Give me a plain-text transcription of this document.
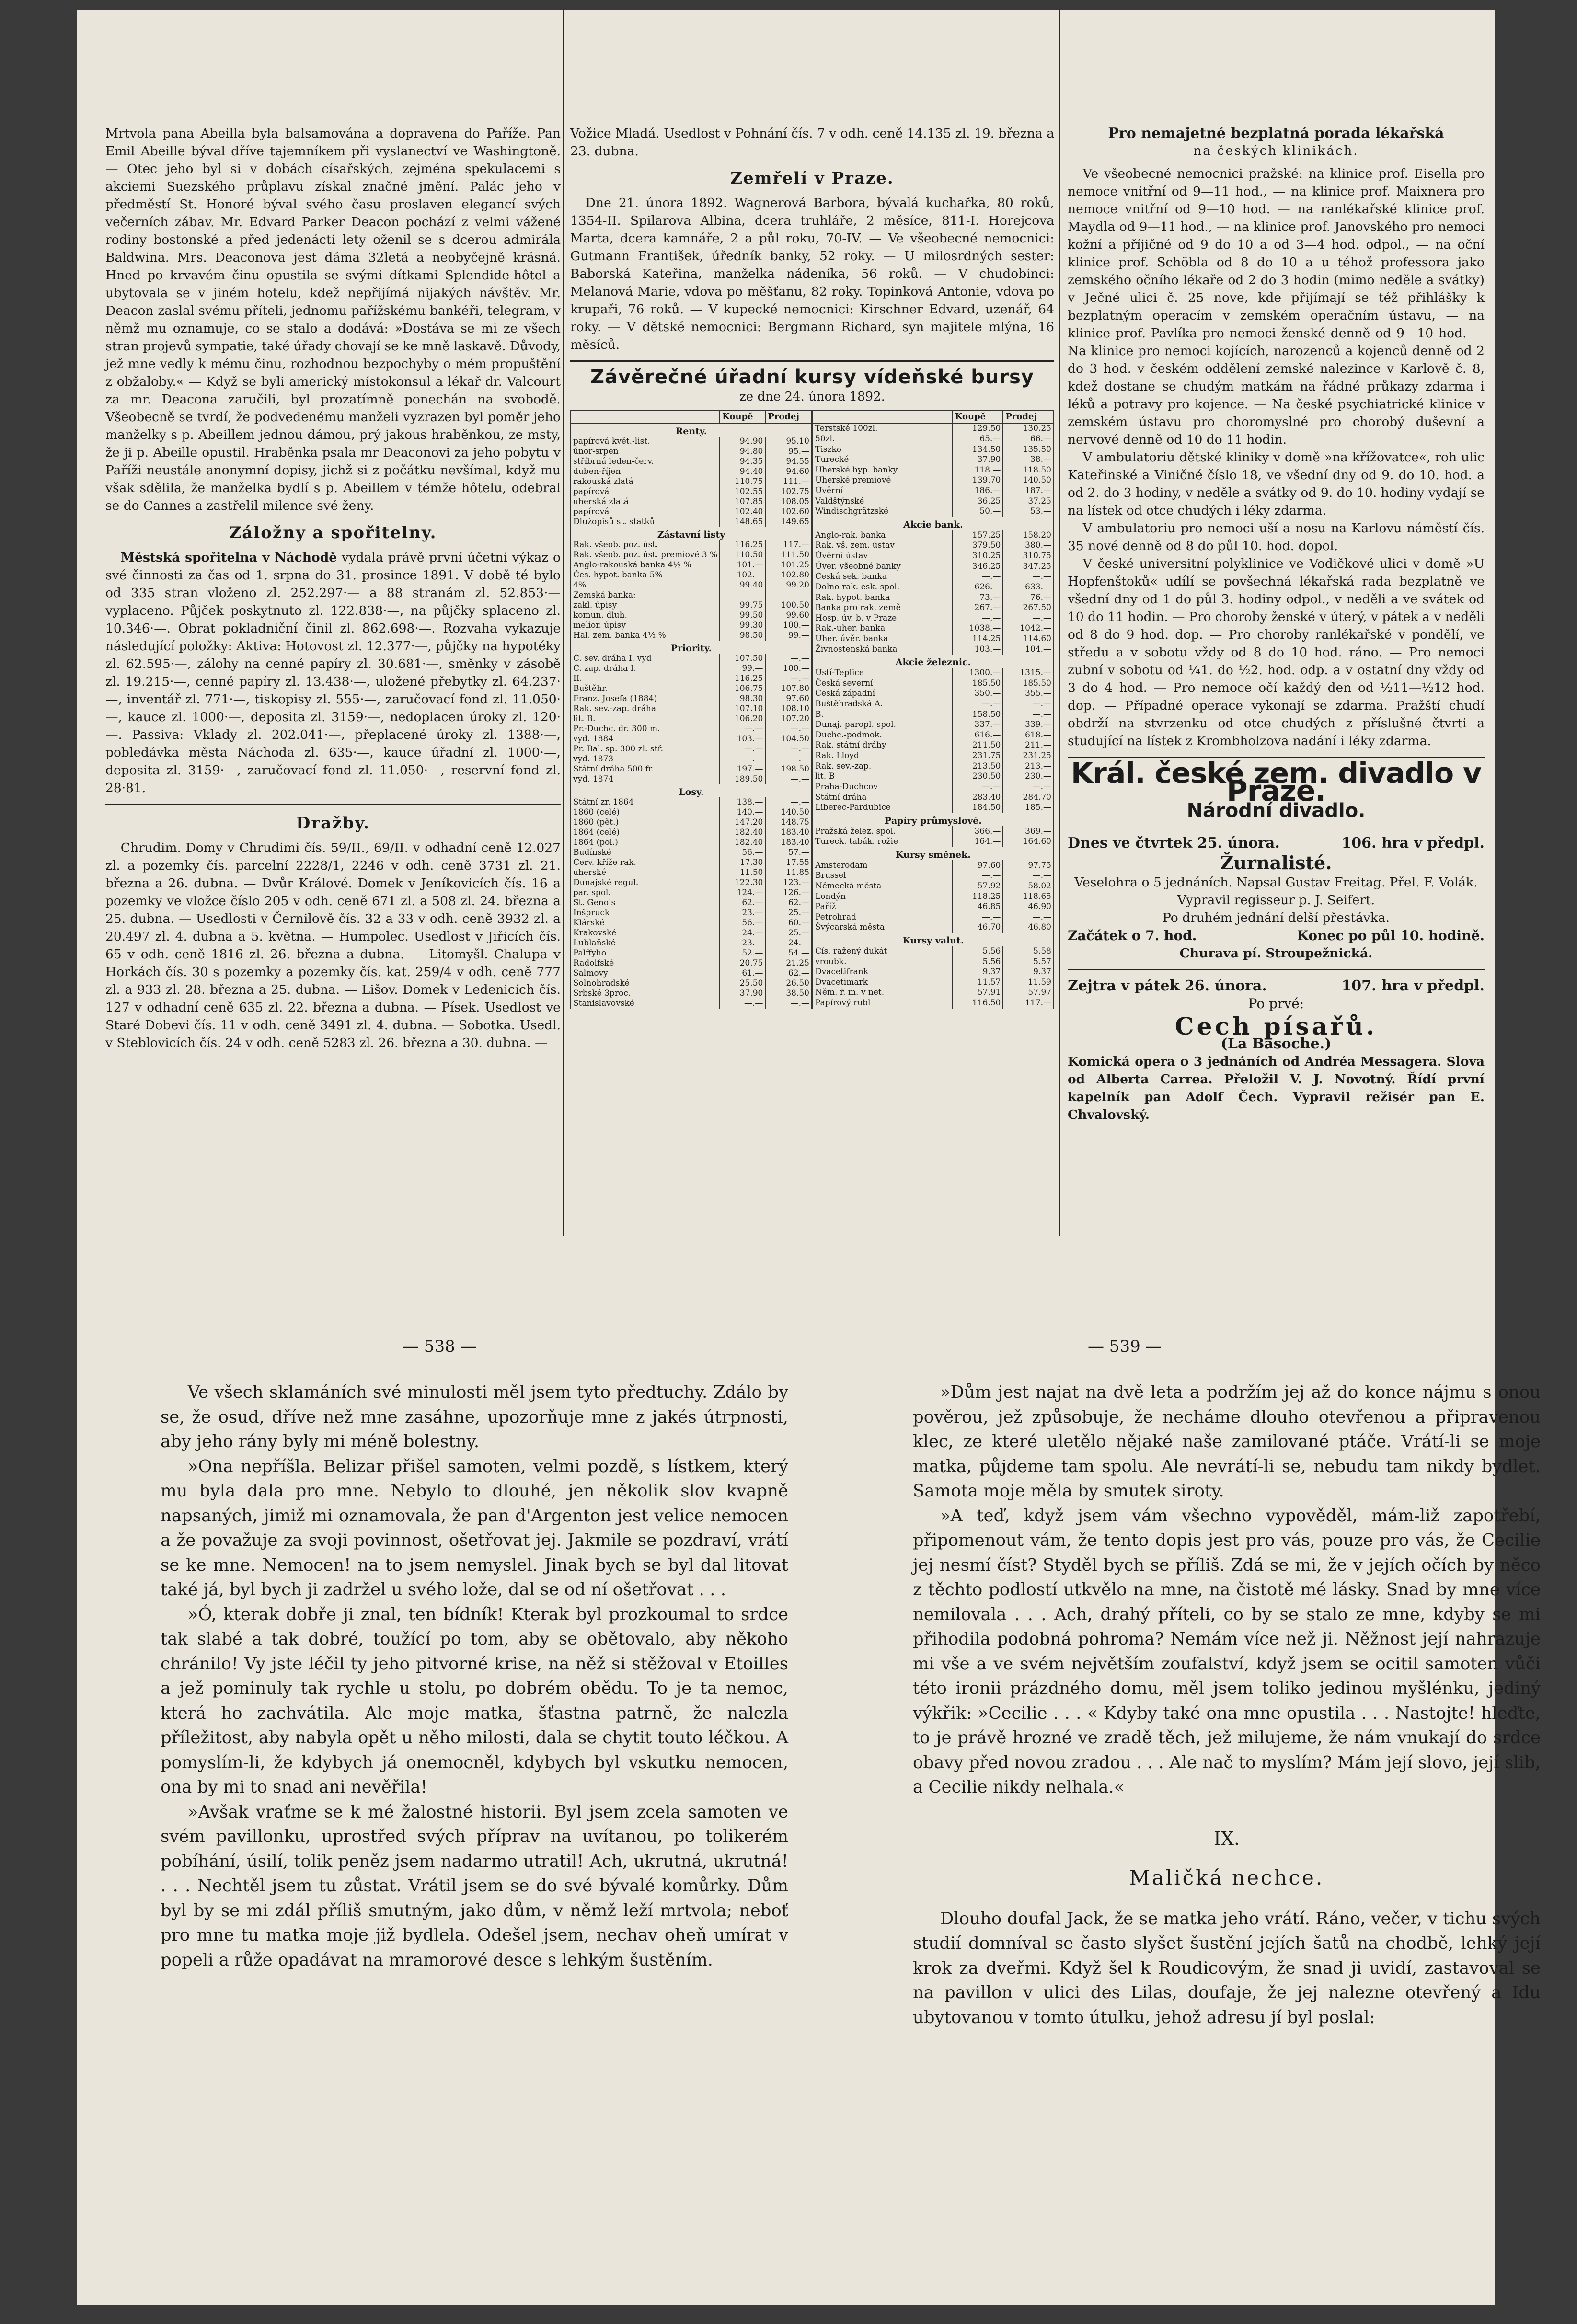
Mrtvola pana Abeilla byla balsamována a dopravena do Paříže. Pan Emil Abeille býval dříve tajemníkem při vyslanectví ve Washingtoně. — Otec jeho byl si v dobách císařských, zejména spekulacemi s akciemi Suezského průplavu získal značné jmění. Palác jeho v předměstí St. Honoré býval svého času proslaven elegancí svých večerních zábav. Mr. Edvard Parker Deacon pochází z velmi vážené rodiny bostonské a před jedenácti lety oženil se s dcerou admirála Baldwina. Mrs. Deaconova jest dáma 32letá a neobyčejně krásná. Hned po krvavém činu opustila se svými dítkami Splendide-hôtel a ubytovala se v jiném hotelu, kdež nepřijímá nijakých návštěv. Mr. Deacon zaslal svému příteli, jednomu pařížskému bankéři, telegram, v němž mu oznamuje, co se stalo a dodává: »Dostáva se mi ze všech stran projevů sympatie, také úřady chovají se ke mně laskavě. Důvody, jež mne vedly k mému činu, rozhodnou bezpochyby o mém propuštění z obžaloby.« — Když se byli americký místokonsul a lékař dr. Valcourt za mr. Deacona zaručili, byl prozatímně ponechán na svobodě. Všeobecně se tvrdí, že podvedenému manželi vyzrazen byl poměr jeho manželky s p. Abeillem jednou dámou, prý jakous hraběnkou, ze msty, že ji p. Abeille opustil. Hraběnka psala mr Deaconovi za jeho pobytu v Paříži neustále anonymní dopisy, jichž si z počátku nevšímal, když mu však sdělila, že manželka bydlí s p. Abeillem v témže hôtelu, odebral se do Cannes a zastřelil milence své ženy.

Záložny a spořitelny.

Městská spořitelna v Náchodě vydala právě první účetní výkaz o své činnosti za čas od 1. srpna do 31. prosince 1891. V době té bylo od 335 stran vloženo zl. 252.297·— a 88 stranám zl. 52.853·— vyplaceno. Půjček poskytnuto zl. 122.838·—, na půjčky splaceno zl. 10.346·—. Obrat pokladniční činil zl. 862.698·—. Rozvaha vykazuje následující položky: Aktiva: Hotovost zl. 12.377·—, půjčky na hypotéky zl. 62.595·—, zálohy na cenné papíry zl. 30.681·—, směnky v zásobě zl. 19.215·—, cenné papíry zl. 13.438·—, uložené přebytky zl. 64.237·—, inventář zl. 771·—, tiskopisy zl. 555·—, zaručovací fond zl. 11.050·—, kauce zl. 1000·—, deposita zl. 3159·—, nedoplacen úroky zl. 120·—. Passiva: Vklady zl. 202.041·—, přeplacené úroky zl. 1388·—, pobledávka města Náchoda zl. 635·—, kauce úřadní zl. 1000·—, deposita zl. 3159·—, zaručovací fond zl. 11.050·—, reservní fond zl. 28·81.

Dražby.

Chrudim. Domy v Chrudimi čís. 59/II., 69/II. v odhadní ceně 12.027 zl. a pozemky čís. parcelní 2228/1, 2246 v odh. ceně 3731 zl. 21. března a 26. dubna. — Dvůr Králové. Domek v Jeníkovicích čís. 16 a pozemky ve vložce číslo 205 v odh. ceně 671 zl. a 508 zl. 24. března a 25. dubna. — Usedlosti v Černilově čís. 32 a 33 v odh. ceně 3932 zl. a 20.497 zl. 4. dubna a 5. května. — Humpolec. Usedlost v Jiřicích čís. 65 v odh. ceně 1816 zl. 26. března a dubna. — Litomyšl. Chalupa v Horkách čís. 30 s pozemky a pozemky čís. kat. 259/4 v odh. ceně 777 zl. a 933 zl. 28. března a 25. dubna. — Lišov. Domek v Ledenicích čís. 127 v odhadní ceně 635 zl. 22. března a dubna. — Písek. Usedlost ve Staré Dobevi čís. 11 v odh. ceně 3491 zl. 4. dubna. — Sobotka. Usedl. v Steblovicích čís. 24 v odh. ceně 5283 zl. 26. března a 30. dubna. —

Vožice Mladá. Usedlost v Pohnání čís. 7 v odh. ceně 14.135 zl. 19. března a 23. dubna.

Zemřelí v Praze.

Dne 21. února 1892. Wagnerová Barbora, bývalá kuchařka, 80 roků, 1354-II. Spilarova Albina, dcera truhláře, 2 měsíce, 811-I. Horejcova Marta, dcera kamnáře, 2 a půl roku, 70-IV. — Ve všeobecné nemocnici: Gutmann František, úředník banky, 52 roky. — U milosrdných sester: Baborská Kateřina, manželka nádeníka, 56 roků. — V chudobinci: Melanová Marie, vdova po měšťanu, 82 roky. Topinková Antonie, vdova po krupaři, 76 roků. — V kupecké nemocnici: Kirschner Edvard, uzenář, 64 roky. — V dětské nemocnici: Bergmann Richard, syn majitele mlýna, 16 měsíců.

Závěrečné úřadní kursy vídeňské bursy
ze dne 24. února 1892.
	Koupě	Prodej
Renty.		
papírová květ.-list.	94.90	95.10
únor-srpen	94.80	95.—
stříbrná leden-červ.	94.35	94.55
duben-říjen	94.40	94.60
rakouská zlatá	110.75	111.—
papírová	102.55	102.75
uherská zlatá	107.85	108.05
papírová	102.40	102.60
Dlužopisů st. statků	148.65	149.65
Zástavní listy		
Rak. všeob. poz. úst.	116.25	117.—
Rak. všeob. poz. úst. premiové 3 %	110.50	111.50
Anglo-rakouská banka 4½ %	101.—	101.25
Čes. hypot. banka 5%	102.—	102.80
4%	99.40	99.20
Zemská banka:		
zakl. úpisy	99.75	100.50
komun. dluh.	99.50	99.60
melior. úpisy	99.30	100.—
Hal. zem. banka 4½ %	98.50	99.—
Priority.		
Č. sev. dráha I. vyd	107.50	—.—
Č. zap. dráha I.	99.—	100.—
II.	116.25	—.—
Buštěhr.	106.75	107.80
Franz. Josefa (1884)	98.30	97.60
Rak. sev.-zap. dráha	107.10	108.10
lit. B.	106.20	107.20
Pr.-Duchc. dr. 300 m.	—.—	—.—
vyd. 1884	103.—	104.50
Pr. Bal. sp. 300 zl. stř.	—.—	—.—
vyd. 1873	—.—	—.—
Státní dráha 500 fr.	197.—	198.50
vyd. 1874	189.50	—.—
Losy.		
Státní zr. 1864	138.—	—.—
1860 (celé)	140.—	140.50
1860 (pět.)	147.20	148.75
1864 (celé)	182.40	183.40
1864 (pol.)	182.40	183.40
Budínské	56.—	57.—
Červ. kříže rak.	17.30	17.55
uherské	11.50	11.85
Dunajské regul.	122.30	123.—
par. spol.	124.—	126.—
St. Genois	62.—	62.—
Inšpruck	23.—	25.—
Klárské	56.—	60.—
Krakovské	24.—	25.—
Lublaňské	23.—	24.—
Palffyho	52.—	54.—
Radolfské	20.75	21.25
Salmovy	61.—	62.—
Solnohradské	25.50	26.50
Srbské 3proc.	37.90	38.50
Stanislavovské	—.—	—.—
	Koupě	Prodej
Terstské 100zl.	129.50	130.25
50zl.	65.—	66.—
Tiszko	134.50	135.50
Turecké	37.90	38.—
Uherské hyp. banky	118.—	118.50
Uherské premiové	139.70	140.50
Úvěrní	186.—	187.—
Valdštýnské	36.25	37.25
Windischgrätzské	50.—	53.—
Akcie bank.		
Anglo-rak. banka	157.25	158.20
Rak. vš. zem. ústav	379.50	380.—
Úvěrní ústav	310.25	310.75
Úver. všeobné banky	346.25	347.25
Česká sek. banka	—.—	—.—
Dolno-rak. esk. spol.	626.—	633.—
Rak. hypot. banka	73.—	76.—
Banka pro rak. země	267.—	267.50
Hosp. úv. b. v Praze	—.—	—.—
Rak.-uher. banka	1038.—	1042.—
Uher. úvěr. banka	114.25	114.60
Živnostenská banka	103.—	104.—
Akcie železnic.		
Ústí-Teplice	1300.—	1315.—
Česká severní	185.50	185.50
Česká západní	350.—	355.—
Buštěhradská A.	—.—	—.—
B.	158.50	—.—
Dunaj. paropl. spol.	337.—	339.—
Duchc.-podmok.	616.—	618.—
Rak. státní dráhy	211.50	211.—
Rak. Lloyd	231.75	231.25
Rak. sev.-zap.	213.50	213.—
lit. B	230.50	230.—
Praha-Duchcov	—.—	—.—
Státní dráha	283.40	284.70
Liberec-Pardubice	184.50	185.—
Papíry průmyslové.		
Pražská želez. spol.	366.—	369.—
Tureck. tabák. rožie	164.—	164.60
Kursy směnek.		
Amsterodam	97.60	97.75
Brussel	—.—	—.—
Německá města	57.92	58.02
Londýn	118.25	118.65
Paříž	46.85	46.90
Petrohrad	—.—	—.—
Švýcarská města	46.70	46.80
Kursy valut.		
Cís. ražený dukát	5.56	5.58
vroubk.	5.56	5.57
Dvacetifrank	9.37	9.37
Dvacetimark	11.57	11.59
Něm. ř. m. v net.	57.91	57.97
Papírový rubl	116.50	117.—
Pro nemajetné bezplatná porada lékařská
na českých klinikách.

Ve všeobecné nemocnici pražské: na klinice prof. Eisella pro nemoce vnitřní od 9—11 hod., — na klinice prof. Maixnera pro nemoce vnitřní od 9—10 hod. — na ranlékařské klinice prof. Maydla od 9—11 hod., — na klinice prof. Janovského pro nemoci kožní a příjičné od 9 do 10 a od 3—4 hod. odpol., — na oční klinice prof. Schöbla od 8 do 10 a u téhož professora jako zemského očního lékaře od 2 do 3 hodin (mimo neděle a svátky) v Ječné ulici č. 25 nove, kde přijímají se též přihlášky k bezplatným operacím v zemském operačním ústavu, — na klinice prof. Pavlíka pro nemoci ženské denně od 9—10 hod. — Na klinice pro nemoci kojících, narozenců a kojenců denně od 2 do 3 hod. v českém oddělení zemské nalezince v Karlově č. 8, kdež dostane se chudým matkám na řádné průkazy zdarma i léků a potravy pro kojence. — Na české psychiatrické klinice v zemském ústavu pro choromyslné pro chorobý duševní a nervové denně od 10 do 11 hodin.

V ambulatoriu dětské kliniky v domě »na křížovatce«, roh ulic Kateřinské a Viničné číslo 18, ve všední dny od 9. do 10. hod. a od 2. do 3 hodiny, v neděle a svátky od 9. do 10. hodiny vydají se na lístek od otce chudých i léky zdarma.

V ambulatoriu pro nemoci uší a nosu na Karlovu náměstí čís. 35 nové denně od 8 do půl 10. hod. dopol.

V české universitní polyklinice ve Vodičkové ulici v domě »U Hopfenštoků« udílí se povšechná lékařská rada bezplatně ve všední dny od 1 do půl 3. hodiny odpol., v neděli a ve svátek od 10 do 11 hodin. — Pro choroby ženské v úterý, v pátek a v neděli od 8 do 9 hod. dop. — Pro choroby ranlékařské v pondělí, ve středu a v sobotu vždy od 8 do 10 hod. ráno. — Pro nemoci zubní v sobotu od ¼1. do ½2. hod. odp. a v ostatní dny vždy od 3 do 4 hod. — Pro nemoce očí každý den od ½11—½12 hod. dop. — Případné operace vykonají se zdarma. Pražští chudí obdrží na stvrzenku od otce chudých z příslušné čtvrti a studující na lístek z Krombholzova nadání i léky zdarma.

Král. české zem. divadlo v Praze.
Národní divadlo.
Dnes ve čtvrtek 25. února.	106. hra v předpl.
Žurnalisté.

Veselohra o 5 jednáních. Napsal Gustav Freitag. Přel. F. Volák. Vypravil regisseur p. J. Seifert.

Po druhém jednání delší přestávka.

Začátek o 7. hod.	Konec po půl 10. hodině.

Churava pí. Stroupežnická.

Zejtra v pátek 26. února.	107. hra v předpl.
Po prvé:
Cech písařů.
(La Basoche.)

Komická opera o 3 jednáních od Andréa Messagera. Slova od Alberta Carrea. Přeložil V. J. Novotný. Řídí první kapelník pan Adolf Čech. Vypravil režisér pan E. Chvalovský.

— 538 —	— 539 —

Ve všech sklamáních své minulosti měl jsem tyto předtuchy. Zdálo by se, že osud, dříve než mne zasáhne, upozorňuje mne z jakés útrpnosti, aby jeho rány byly mi méně bolestny.

»Ona nepříšla. Belizar přišel samoten, velmi pozdě, s lístkem, který mu byla dala pro mne. Nebylo to dlouhé, jen několik slov kvapně napsaných, jimiž mi oznamovala, že pan d'Argenton jest velice nemocen a že považuje za svoji povinnost, ošetřovat jej. Jakmile se pozdraví, vrátí se ke mne. Nemocen! na to jsem nemyslel. Jinak bych se byl dal litovat také já, byl bych ji zadržel u svého lože, dal se od ní ošetřovat . . .

»Ó, kterak dobře ji znal, ten bídník! Kterak byl prozkoumal to srdce tak slabé a tak dobré, toužící po tom, aby se obětovalo, aby někoho chránilo! Vy jste léčil ty jeho pitvorné krise, na něž si stěžoval v Etoilles a jež pominuly tak rychle u stolu, po dobrém obědu. To je ta nemoc, která ho zachvátila. Ale moje matka, šťastna patrně, že nalezla příležitost, aby nabyla opět u něho milosti, dala se chytit touto léčkou. A pomyslím-li, že kdybych já onemocněl, kdybych byl vskutku nemocen, ona by mi to snad ani nevěřila!

»Avšak vraťme se k mé žalostné historii. Byl jsem zcela samoten ve svém pavillonku, uprostřed svých příprav na uvítanou, po tolikerém pobíhání, úsilí, tolik peněz jsem nadarmo utratil! Ach, ukrutná, ukrutná! . . . Nechtěl jsem tu zůstat. Vrátil jsem se do své bývalé komůrky. Dům byl by se mi zdál příliš smutným, jako dům, v němž leží mrtvola; neboť pro mne tu matka moje již bydlela. Odešel jsem, nechav oheň umírat v popeli a růže opadávat na mramorové desce s lehkým šustěním.

»Dům jest najat na dvě leta a podržím jej až do konce nájmu s onou pověrou, jež způsobuje, že necháme dlouho otevřenou a připravenou klec, ze které uletělo nějaké naše zamilované ptáče. Vrátí-li se moje matka, půjdeme tam spolu. Ale nevrátí-li se, nebudu tam nikdy bydlet. Samota moje měla by smutek siroty.

»A teď, když jsem vám všechno vypověděl, mám-liž zapotřebí, připomenout vám, že tento dopis jest pro vás, pouze pro vás, že Cecilie jej nesmí číst? Styděl bych se příliš. Zdá se mi, že v jejích očích by něco z těchto podlostí utkvělo na mne, na čistotě mé lásky. Snad by mne více nemilovala . . . Ach, drahý příteli, co by se stalo ze mne, kdyby se mi přihodila podobná pohroma? Nemám více než ji. Něžnost její nahrazuje mi vše a ve svém největším zoufalství, když jsem se ocitil samoten vůči této ironii prázdného domu, měl jsem toliko jedinou myšlénku, jediný výkřik: »Cecilie . . . « Kdyby také ona mne opustila . . . Nastojte! hleďte, to je právě hrozné ve zradě těch, jež milujeme, že nám vnukají do srdce obavy před novou zradou . . . Ale nač to myslím? Mám její slovo, její slib, a Cecilie nikdy nelhala.«

IX.
Maličká nechce.

Dlouho doufal Jack, že se matka jeho vrátí. Ráno, večer, v tichu svých studií domníval se často slyšet šustění jejích šatů na chodbě, lehký její krok za dveřmi. Když šel k Roudicovým, že snad ji uvidí, zastavoval se na pavillon v ulici des Lilas, doufaje, že jej nalezne otevřený a Idu ubytovanou v tomto útulku, jehož adresu jí byl poslal:
